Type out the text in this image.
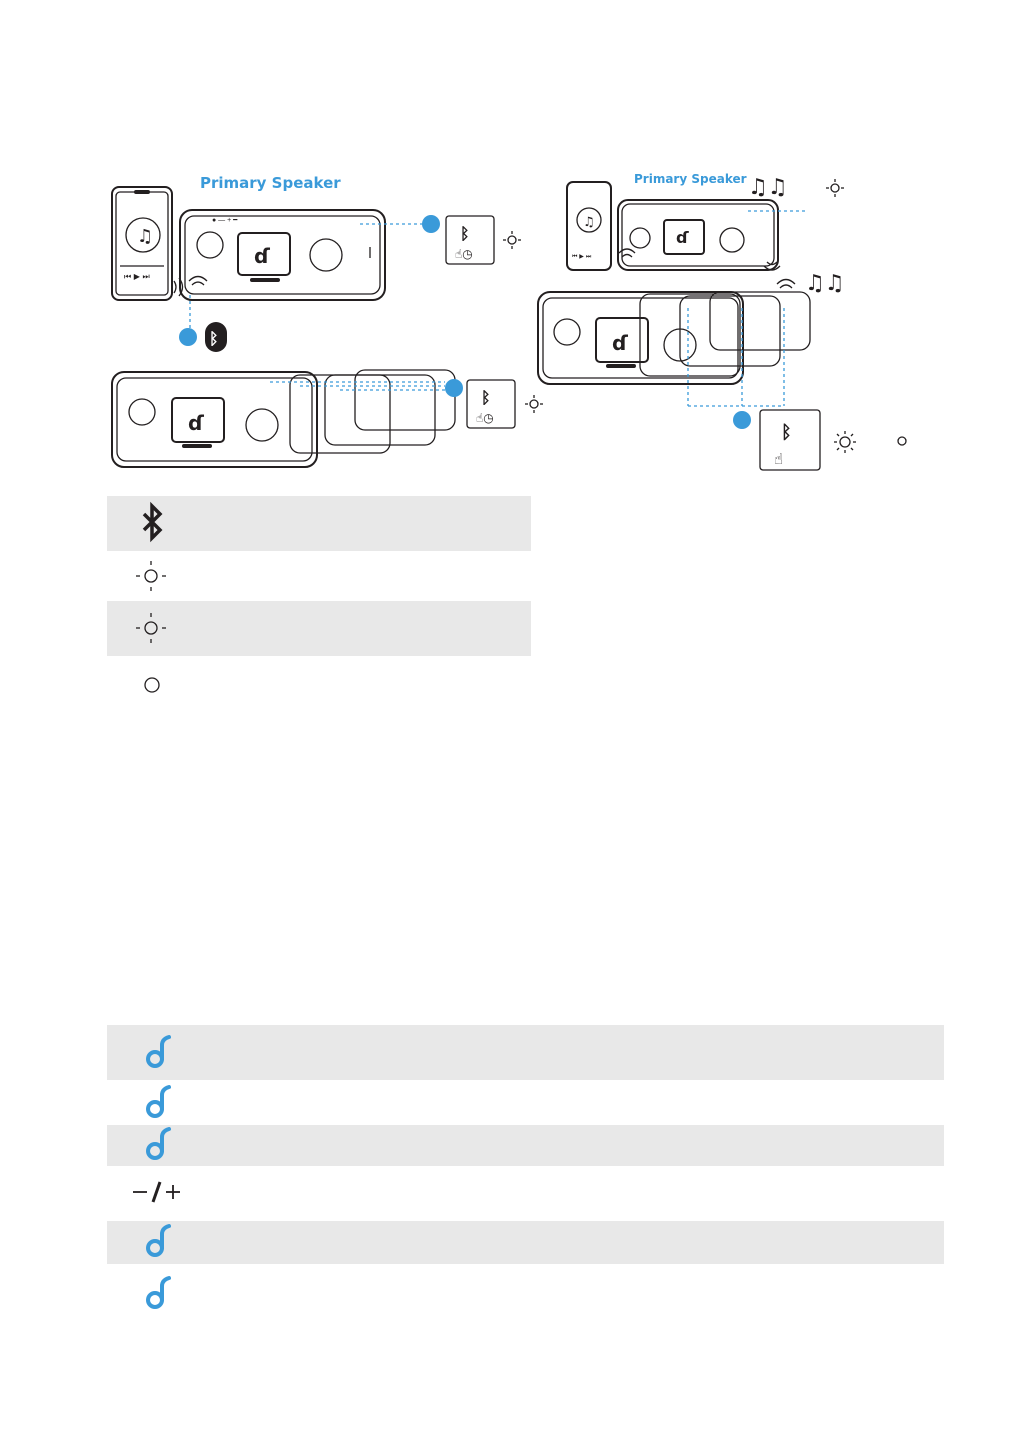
Primary Speaker
♫
⏮ ▶ ⏭
ɗ
● — + ━
ᛒ
☝◷
ᛒ
ɗ
ᛒ
☝◷
Primary Speaker ♫♫
♫♫
♫
⏮ ▶ ⏭
ɗ
ɗ
ᛒ
☝
